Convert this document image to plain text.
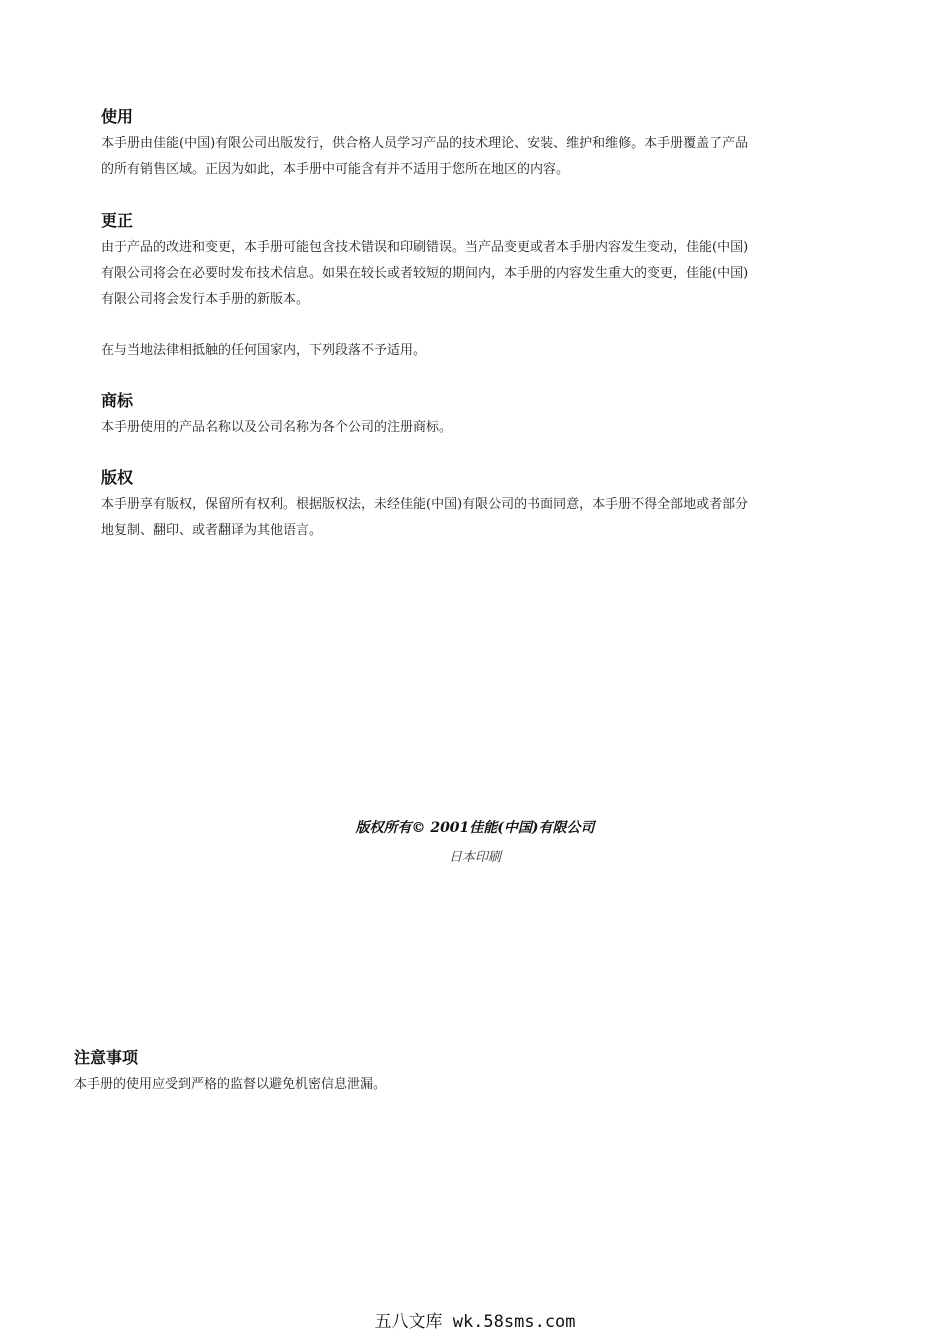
使用
本手册由佳能(中国)有限公司出版发行，供合格人员学习产品的技术理论、安装、维护和维修。本手册覆盖了产品
的所有销售区域。正因为如此，本手册中可能含有并不适用于您所在地区的内容。
更正
由于产品的改进和变更，本手册可能包含技术错误和印刷错误。当产品变更或者本手册内容发生变动，佳能(中国)
有限公司将会在必要时发布技术信息。如果在较长或者较短的期间内，本手册的内容发生重大的变更，佳能(中国)
有限公司将会发行本手册的新版本。
在与当地法律相抵触的任何国家内，下列段落不予适用。
商标
本手册使用的产品名称以及公司名称为各个公司的注册商标。
版权
本手册享有版权，保留所有权利。根据版权法，未经佳能(中国)有限公司的书面同意，本手册不得全部地或者部分
地复制、翻印、或者翻译为其他语言。
版权所有© 2001佳能(中国)有限公司
日本印刷
注意事项
本手册的使用应受到严格的监督以避免机密信息泄漏。
五八文库 wk.58sms.com
